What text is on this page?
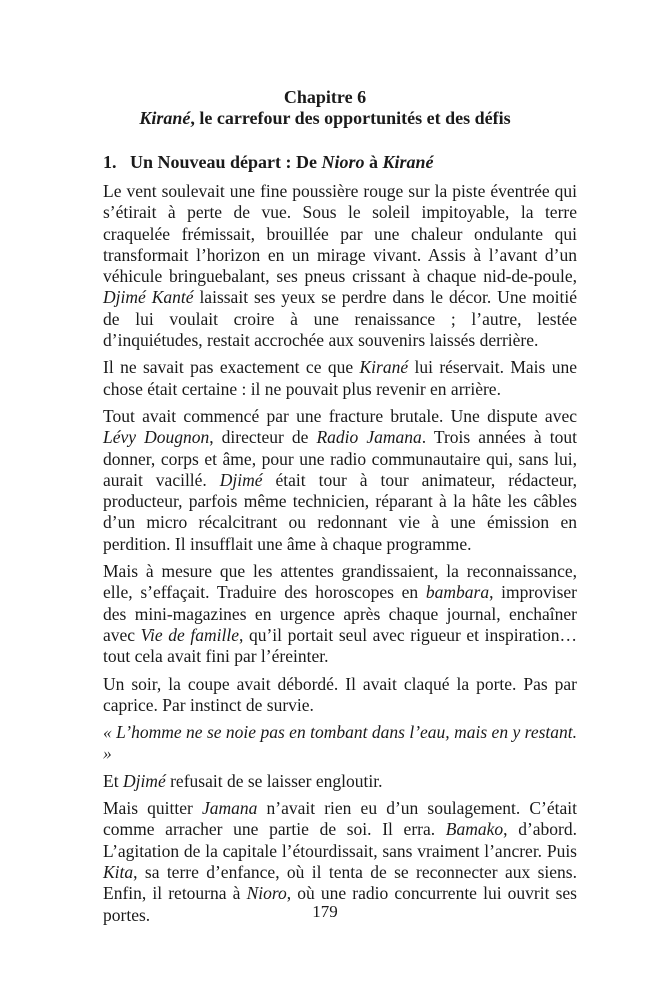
Chapitre 6
Kirané, le carrefour des opportunités et des défis
1. Un Nouveau départ : De Nioro à Kirané

Le vent soulevait une fine poussière rouge sur la piste éventrée qui s’étirait à perte de vue. Sous le soleil impitoyable, la terre craquelée frémissait, brouillée par une chaleur ondulante qui transformait l’horizon en un mirage vivant. Assis à l’avant d’un véhicule bringuebalant, ses pneus crissant à chaque nid-de-poule, Djimé Kanté laissait ses yeux se perdre dans le décor. Une moitié de lui voulait croire à une renaissance ; l’autre, lestée d’inquiétudes, restait accrochée aux souvenirs laissés derrière.

Il ne savait pas exactement ce que Kirané lui réservait. Mais une chose était certaine : il ne pouvait plus revenir en arrière.

Tout avait commencé par une fracture brutale. Une dispute avec Lévy Dougnon, directeur de Radio Jamana. Trois années à tout donner, corps et âme, pour une radio communautaire qui, sans lui, aurait vacillé. Djimé était tour à tour animateur, rédacteur, producteur, parfois même technicien, réparant à la hâte les câbles d’un micro récalcitrant ou redonnant vie à une émission en perdition. Il insufflait une âme à chaque programme.

Mais à mesure que les attentes grandissaient, la reconnaissance, elle, s’effaçait. Traduire des horoscopes en bambara, improviser des mini-magazines en urgence après chaque journal, enchaîner avec Vie de famille, qu’il portait seul avec rigueur et inspiration… tout cela avait fini par l’éreinter.

Un soir, la coupe avait débordé. Il avait claqué la porte. Pas par caprice. Par instinct de survie.

« L’homme ne se noie pas en tombant dans l’eau, mais en y restant. »

Et Djimé refusait de se laisser engloutir.

Mais quitter Jamana n’avait rien eu d’un soulagement. C’était comme arracher une partie de soi. Il erra. Bamako, d’abord. L’agitation de la capitale l’étourdissait, sans vraiment l’ancrer. Puis Kita, sa terre d’enfance, où il tenta de se reconnecter aux siens. Enfin, il retourna à Nioro, où une radio concurrente lui ouvrit ses portes.	179
